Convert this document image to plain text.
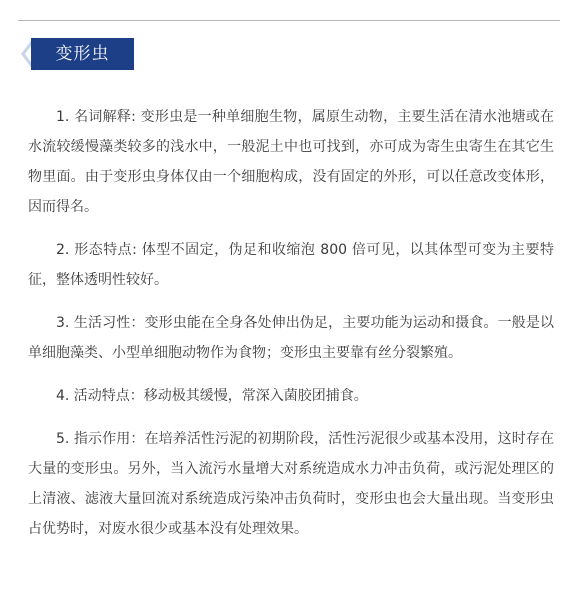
变形虫

1. 名词解释: 变形虫是一种单细胞生物，属原生动物，主要生活在清水池塘或在水流较缓慢藻类较多的浅水中，一般泥土中也可找到，亦可成为寄生虫寄生在其它生物里面。由于变形虫身体仅由一个细胞构成，没有固定的外形，可以任意改变体形，因而得名。

2. 形态特点: 体型不固定，伪足和收缩泡 800 倍可见，以其体型可变为主要特征，整体透明性较好。

3. 生活习性：变形虫能在全身各处伸出伪足，主要功能为运动和摄食。一般是以单细胞藻类、小型单细胞动物作为食物；变形虫主要靠有丝分裂繁殖。

4. 活动特点：移动极其缓慢，常深入菌胶团捕食。

5. 指示作用：在培养活性污泥的初期阶段，活性污泥很少或基本没用，这时存在大量的变形虫。另外，当入流污水量增大对系统造成水力冲击负荷，或污泥处理区的上清液、滤液大量回流对系统造成污染冲击负荷时，变形虫也会大量出现。当变形虫占优势时，对废水很少或基本没有处理效果。
